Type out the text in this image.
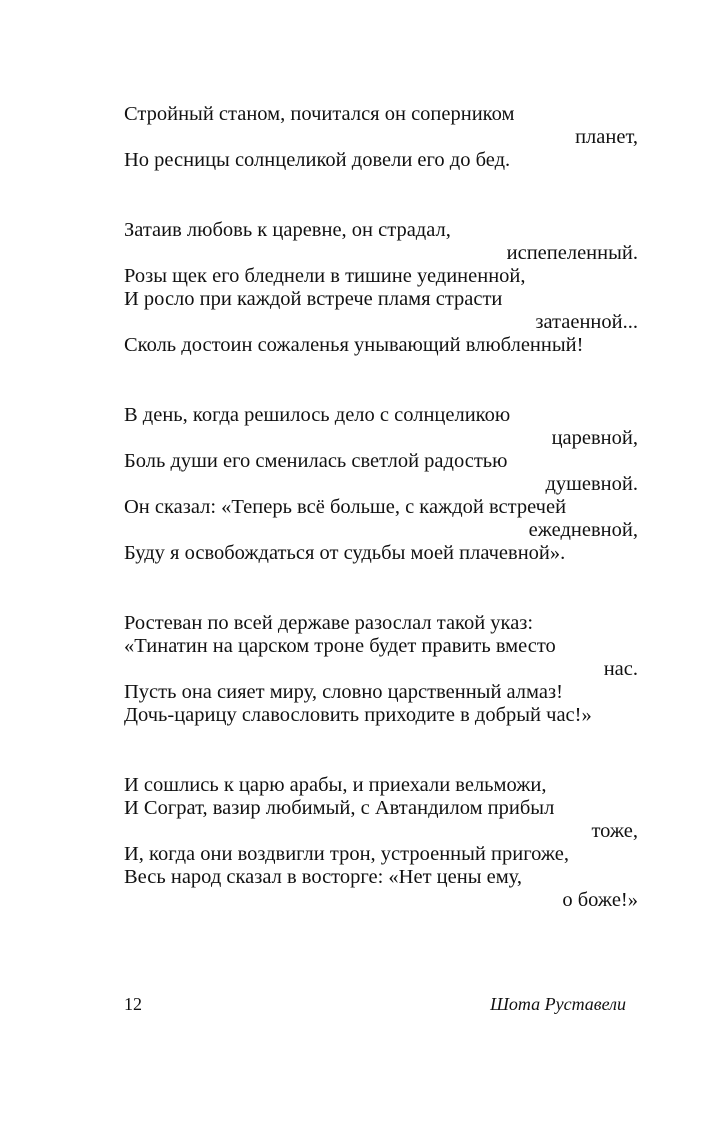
Стройный станом, почитался он соперником
планет,
Но ресницы солнцеликой довели его до бед.
Затаив любовь к царевне, он страдал,
испепеленный.
Розы щек его бледнели в тишине уединенной,
И росло при каждой встрече пламя страсти
затаенной...
Сколь достоин сожаленья унывающий влюбленный!
В день, когда решилось дело с солнцеликою
царевной,
Боль души его сменилась светлой радостью
душевной.
Он сказал: «Теперь всё больше, с каждой встречей
ежедневной,
Буду я освобождаться от судьбы моей плачевной».
Ростеван по всей державе разослал такой указ:
«Тинатин на царском троне будет править вместо
нас.
Пусть она сияет миру, словно царственный алмаз!
Дочь-царицу славословить приходите в добрый час!»
И сошлись к царю арабы, и приехали вельможи,
И Сограт, вазир любимый, с Автандилом прибыл
тоже,
И, когда они воздвигли трон, устроенный пригоже,
Весь народ сказал в восторге: «Нет цены ему,
о боже!»
12	Шота Руставели
